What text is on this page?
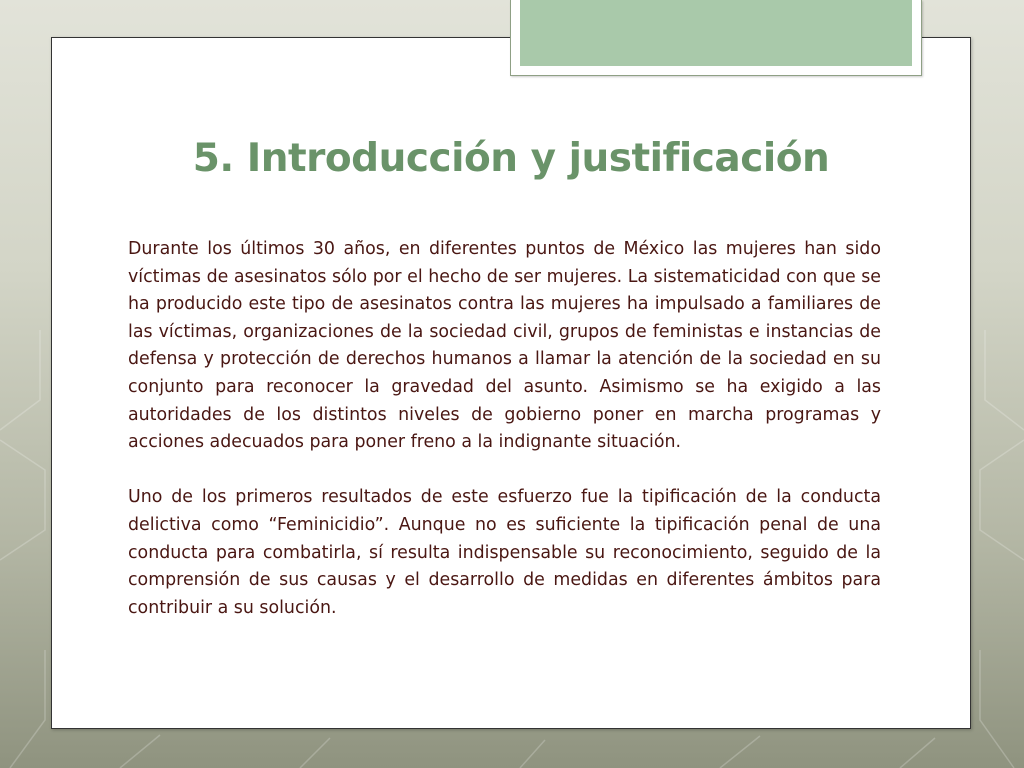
5. Introducción y justificación

Durante los últimos 30 años, en diferentes puntos de México las mujeres han sido víctimas de asesinatos sólo por el hecho de ser mujeres. La sistematicidad con que se ha producido este tipo de asesinatos contra las mujeres ha impulsado a familiares de las víctimas, organizaciones de la sociedad civil, grupos de feministas e instancias de defensa y protección de derechos humanos a llamar la atención de la sociedad en su conjunto para reconocer la gravedad del asunto. Asimismo se ha exigido a las autoridades de los distintos niveles de gobierno poner en marcha programas y acciones adecuados para poner freno a la indignante situación.

Uno de los primeros resultados de este esfuerzo fue la tipificación de la conducta delictiva como “Feminicidio”. Aunque no es suficiente la tipificación penal de una conducta para combatirla, sí resulta indispensable su reconocimiento, seguido de la comprensión de sus causas y el desarrollo de medidas en diferentes ámbitos para contribuir a su solución.
